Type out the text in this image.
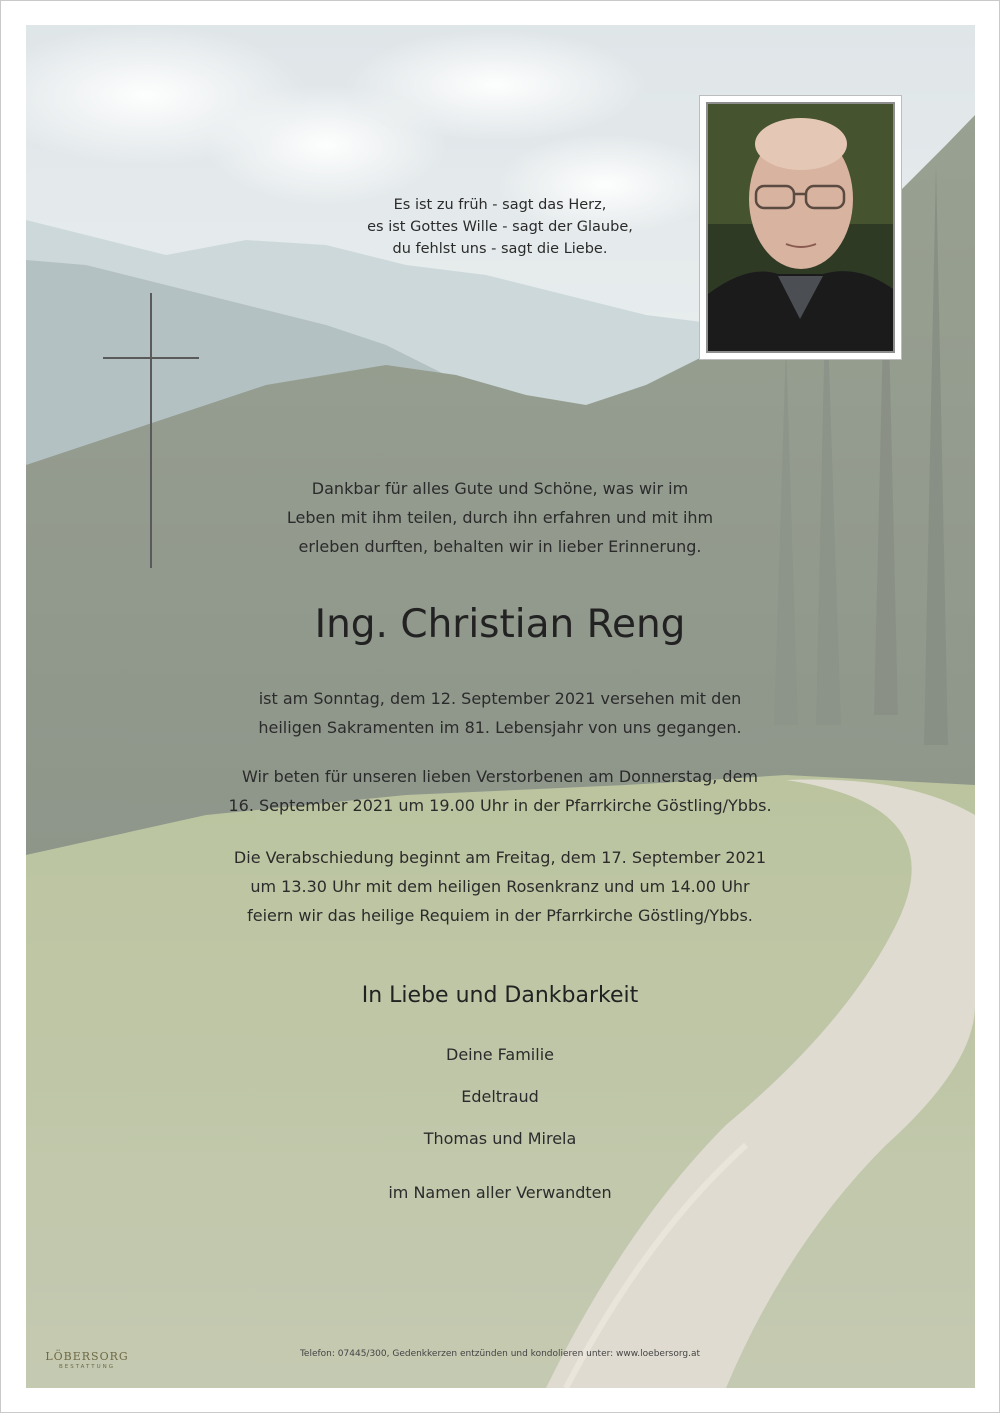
Es ist zu früh - sagt das Herz,
es ist Gottes Wille - sagt der Glaube,
du fehlst uns - sagt die Liebe.
Dankbar für alles Gute und Schöne, was wir im
Leben mit ihm teilen, durch ihn erfahren und mit ihm
erleben durften, behalten wir in lieber Erinnerung.
Ing. Christian Reng
ist am Sonntag, dem 12. September 2021 versehen mit den
heiligen Sakramenten im 81. Lebensjahr von uns gegangen.
Wir beten für unseren lieben Verstorbenen am Donnerstag, dem
16. September 2021 um 19.00 Uhr in der Pfarrkirche Göstling/Ybbs.
Die Verabschiedung beginnt am Freitag, dem 17. September 2021
um 13.30 Uhr mit dem heiligen Rosenkranz und um 14.00 Uhr
feiern wir das heilige Requiem in der Pfarrkirche Göstling/Ybbs.
In Liebe und Dankbarkeit
Deine Familie
Edeltraud
Thomas und Mirela
im Namen aller Verwandten
LÖBERSORG
BESTATTUNG
Telefon: 07445/300, Gedenkkerzen entzünden und kondolieren unter: www.loebersorg.at
